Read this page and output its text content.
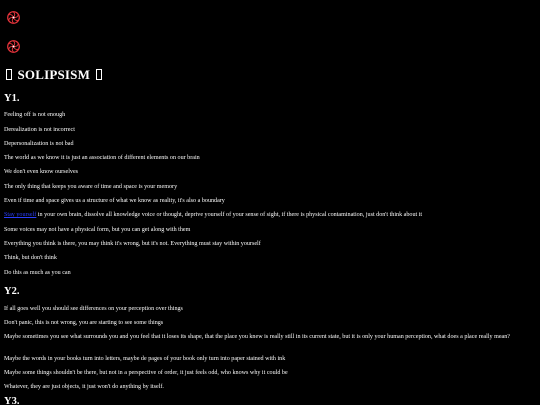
SOLIPSISM
Y1.
Feeling off is not enough
Derealization is not incorrect
Depersonalization is not bad
The world as we know it is just an association of different elements on our brain
We don't even know ourselves
The only thing that keeps you aware of time and space is your memory
Even if time and space gives us a structure of what we know as reality, it's also a boundary
Stay yourself in your own brain, dissolve all knowledge voice or thought, deprive yourself of your sense of sight, if there is physical contamination, just don't think about it
Some voices may not have a physical form, but you can get along with them
Everything you think is there, you may think it's wrong, but it's not. Everything must stay within yourself
Think, but don't think
Do this as much as you can
Y2.
If all goes well you should see differences on your perception over things
Don't panic, this is not wrong, you are starting to see some things
Maybe sometimes you see what surrounds you and you feel that it loses its shape, that the place you knew is really still in its current state, but it is only your human perception, what does a place really mean?
Maybe the words in your books turn into letters, maybe de pages of your book only turn into paper stained with ink
Maybe some things shouldn't be there, but not in a perspective of order, it just feels odd, who knows why it could be
Whatever, they are just objects, it just won't do anything by itself.
Y3.
